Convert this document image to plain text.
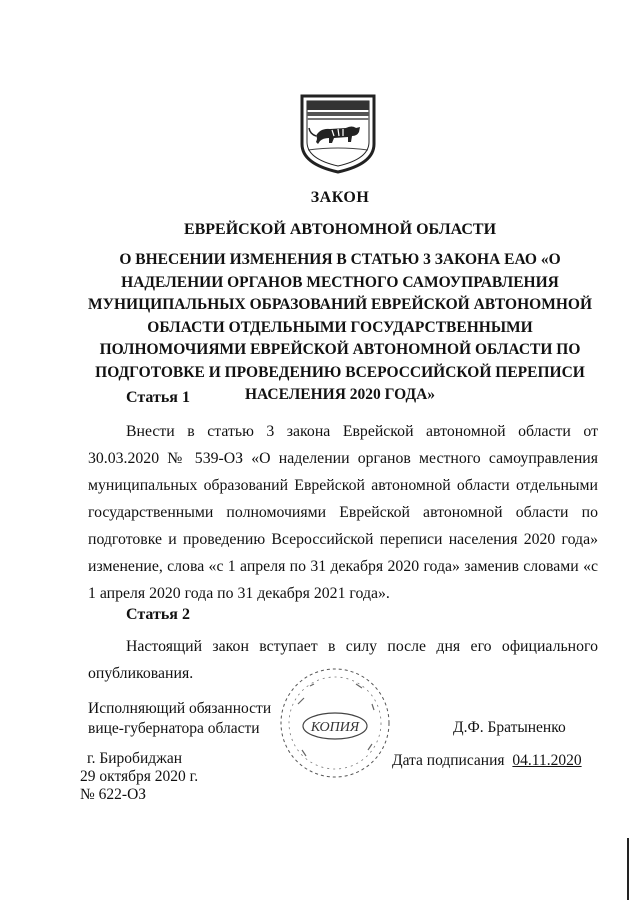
ЗАКОН
ЕВРЕЙСКОЙ АВТОНОМНОЙ ОБЛАСТИ
О ВНЕСЕНИИ ИЗМЕНЕНИЯ В СТАТЬЮ 3 ЗАКОНА ЕАО «О
НАДЕЛЕНИИ ОРГАНОВ МЕСТНОГО САМОУПРАВЛЕНИЯ
МУНИЦИПАЛЬНЫХ ОБРАЗОВАНИЙ ЕВРЕЙСКОЙ АВТОНОМНОЙ
ОБЛАСТИ ОТДЕЛЬНЫМИ ГОСУДАРСТВЕННЫМИ
ПОЛНОМОЧИЯМИ ЕВРЕЙСКОЙ АВТОНОМНОЙ ОБЛАСТИ ПО
ПОДГОТОВКЕ И ПРОВЕДЕНИЮ ВСЕРОССИЙСКОЙ ПЕРЕПИСИ
НАСЕЛЕНИЯ 2020 ГОДА»
Статья 1

Внести в статью 3 закона Еврейской автономной области от 30.03.2020 № 539-ОЗ «О наделении органов местного самоуправления муниципальных образований Еврейской автономной области отдельными государственными полномочиями Еврейской автономной области по подготовке и проведению Всероссийской переписи населения 2020 года» изменение, слова «с 1 апреля по 31 декабря 2020 года» заменив словами «с 1 апреля 2020 года по 31 декабря 2021 года».

Статья 2

Настоящий закон вступает в силу после дня его официального опубликования.

Исполняющий обязанности
вице-губернатора области	КОПИЯ	Д.Ф. Братыненко
г. Биробиджан
29 октября 2020 г.
№ 622-ОЗ
Дата подписания 04.11.2020
